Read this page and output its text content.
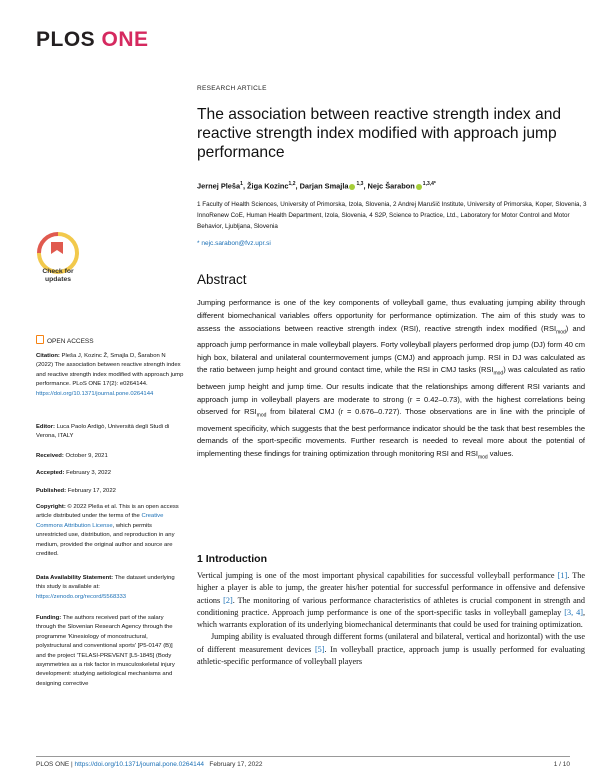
PLOS ONE
RESEARCH ARTICLE
The association between reactive strength index and reactive strength index modified with approach jump performance
Jernej Pleša$^1$, Žiga Kozinc$^{1,2}$, Darjan Smajla $^{1,3}$, Nejc Šarabon $^{1,3,4*}$
1 Faculty of Health Sciences, University of Primorska, Izola, Slovenia, 2 Andrej Marušič Institute, University of Primorska, Koper, Slovenia, 3 InnoRenew CoE, Human Health Department, Izola, Slovenia, 4 S2P, Science to Practice, Ltd., Laboratory for Motor Control and Motor Behavior, Ljubljana, Slovenia
* nejc.sarabon@fvz.upr.si
Check for
updates
OPEN ACCESS
Citation: Pleša J, Kozinc Ž, Smajla D, Šarabon N (2022) The association between reactive strength index and reactive strength index modified with approach jump performance. PLoS ONE 17(2): e0264144. https://doi.org/10.1371/journal.pone.0264144
Editor: Luca Paolo Ardigò, Università degli Studi di Verona, ITALY
Received: October 9, 2021
Accepted: February 3, 2022
Published: February 17, 2022
Copyright: © 2022 Pleša et al. This is an open access article distributed under the terms of the Creative Commons Attribution License, which permits unrestricted use, distribution, and reproduction in any medium, provided the original author and source are credited.
Data Availability Statement: The dataset underlying this study is available at: https://zenodo.org/record/5568333
Funding: The authors received part of the salary through the Slovenian Research Agency through the programme 'Kinesiology of monostructural, polystructural and conventional sports' [P5-0147 (B)] and the project 'TELASI-PREVENT [L5-1845] (Body asymmetries as a risk factor in musculoskeletal injury development: studying aetiological mechanisms and designing corrective
Abstract
Jumping performance is one of the key components of volleyball game, thus evaluating jumping ability through different biomechanical variables offers opportunity for performance optimization. The aim of this study was to assess the associations between reactive strength index (RSI), reactive strength index modified $(RSI_{mod})$ and approach jump performance in male volleyball players. Forty volleyball players performed drop jump (DJ) form 40 cm high box, bilateral and unilateral countermovement jumps (CMJ) and approach jump. RSI in DJ was calculated as the ratio between jump height and ground contact time, while the RSI in CMJ tasks $(RSI_{mod})$ was calculated as ratio between jump height and jump time. Our results indicate that the relationships among different RSI variants and approach jump in volleyball players are moderate to strong (r = 0.42–0.73), with the highest correlations being observed for $RSI_{mod}$ from bilateral CMJ (r = 0.676–0.727). Those observations are in line with the principle of movement specificity, which suggests that the best performance indicator should be the task that best resembles the demands of the sport-specific movements. Further research is needed to reveal more about the potential of implementing these findings for training optimization through monitoring RSI and $RSI_{mod}$ values.
1 Introduction
Vertical jumping is one of the most important physical capabilities for successful volleyball performance [1]. The higher a player is able to jump, the greater his/her potential for successful performance in offensive and defensive actions [2]. The monitoring of various performance characteristics of athletes is crucial component in strength and conditioning practice. Approach jump performance is one of the sport-specific tasks in volleyball gameplay [3, 4], which warrants exploration of its underlying biomechanical determinants that could be used for training optimization.
Jumping ability is evaluated through different forms (unilateral and bilateral, vertical and horizontal) with the use of different measurement devices [5]. In volleyball practice, approach jump is usually performed for evaluating athletic-specific performance of volleyball players
PLOS ONE | https://doi.org/10.1371/journal.pone.0264144 February 17, 2022	1 / 10
